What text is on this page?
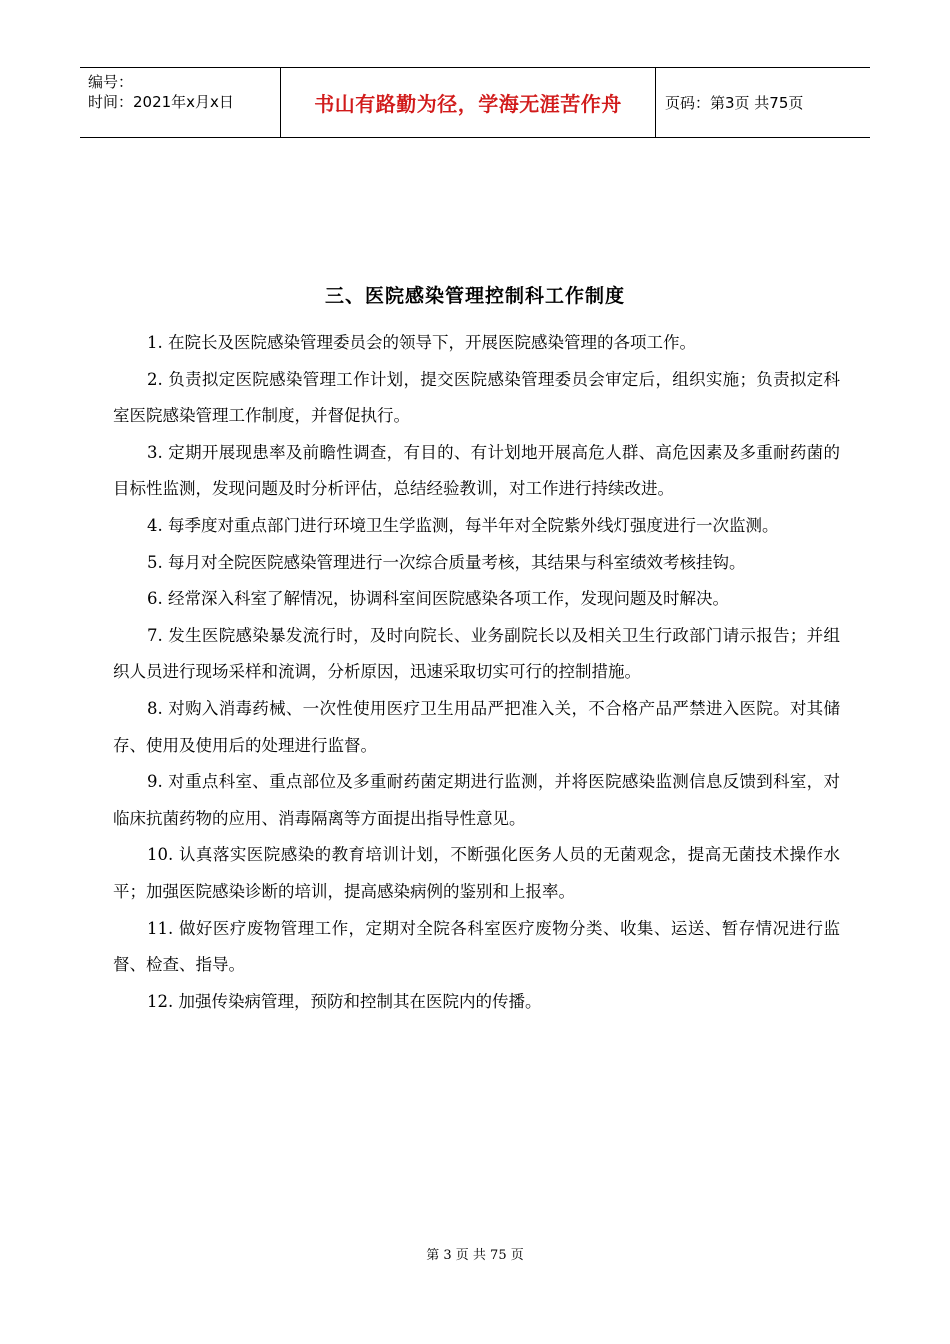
编号：
时间：2021年x月x日	书山有路勤为径，学海无涯苦作舟	页码：第3页 共75页
三、医院感染管理控制科工作制度

1. 在院长及医院感染管理委员会的领导下，开展医院感染管理的各项工作。

2. 负责拟定医院感染管理工作计划，提交医院感染管理委员会审定后，组织实施；负责拟定科室医院感染管理工作制度，并督促执行。

3. 定期开展现患率及前瞻性调查，有目的、有计划地开展高危人群、高危因素及多重耐药菌的目标性监测，发现问题及时分析评估，总结经验教训，对工作进行持续改进。

4. 每季度对重点部门进行环境卫生学监测，每半年对全院紫外线灯强度进行一次监测。

5. 每月对全院医院感染管理进行一次综合质量考核，其结果与科室绩效考核挂钩。

6. 经常深入科室了解情况，协调科室间医院感染各项工作，发现问题及时解决。

7. 发生医院感染暴发流行时，及时向院长、业务副院长以及相关卫生行政部门请示报告；并组织人员进行现场采样和流调，分析原因，迅速采取切实可行的控制措施。

8. 对购入消毒药械、一次性使用医疗卫生用品严把准入关，不合格产品严禁进入医院。对其储存、使用及使用后的处理进行监督。

9. 对重点科室、重点部位及多重耐药菌定期进行监测，并将医院感染监测信息反馈到科室，对临床抗菌药物的应用、消毒隔离等方面提出指导性意见。

10. 认真落实医院感染的教育培训计划，不断强化医务人员的无菌观念，提高无菌技术操作水平；加强医院感染诊断的培训，提高感染病例的鉴别和上报率。

11. 做好医疗废物管理工作，定期对全院各科室医疗废物分类、收集、运送、暂存情况进行监督、检查、指导。

12. 加强传染病管理，预防和控制其在医院内的传播。

第 3 页 共 75 页
